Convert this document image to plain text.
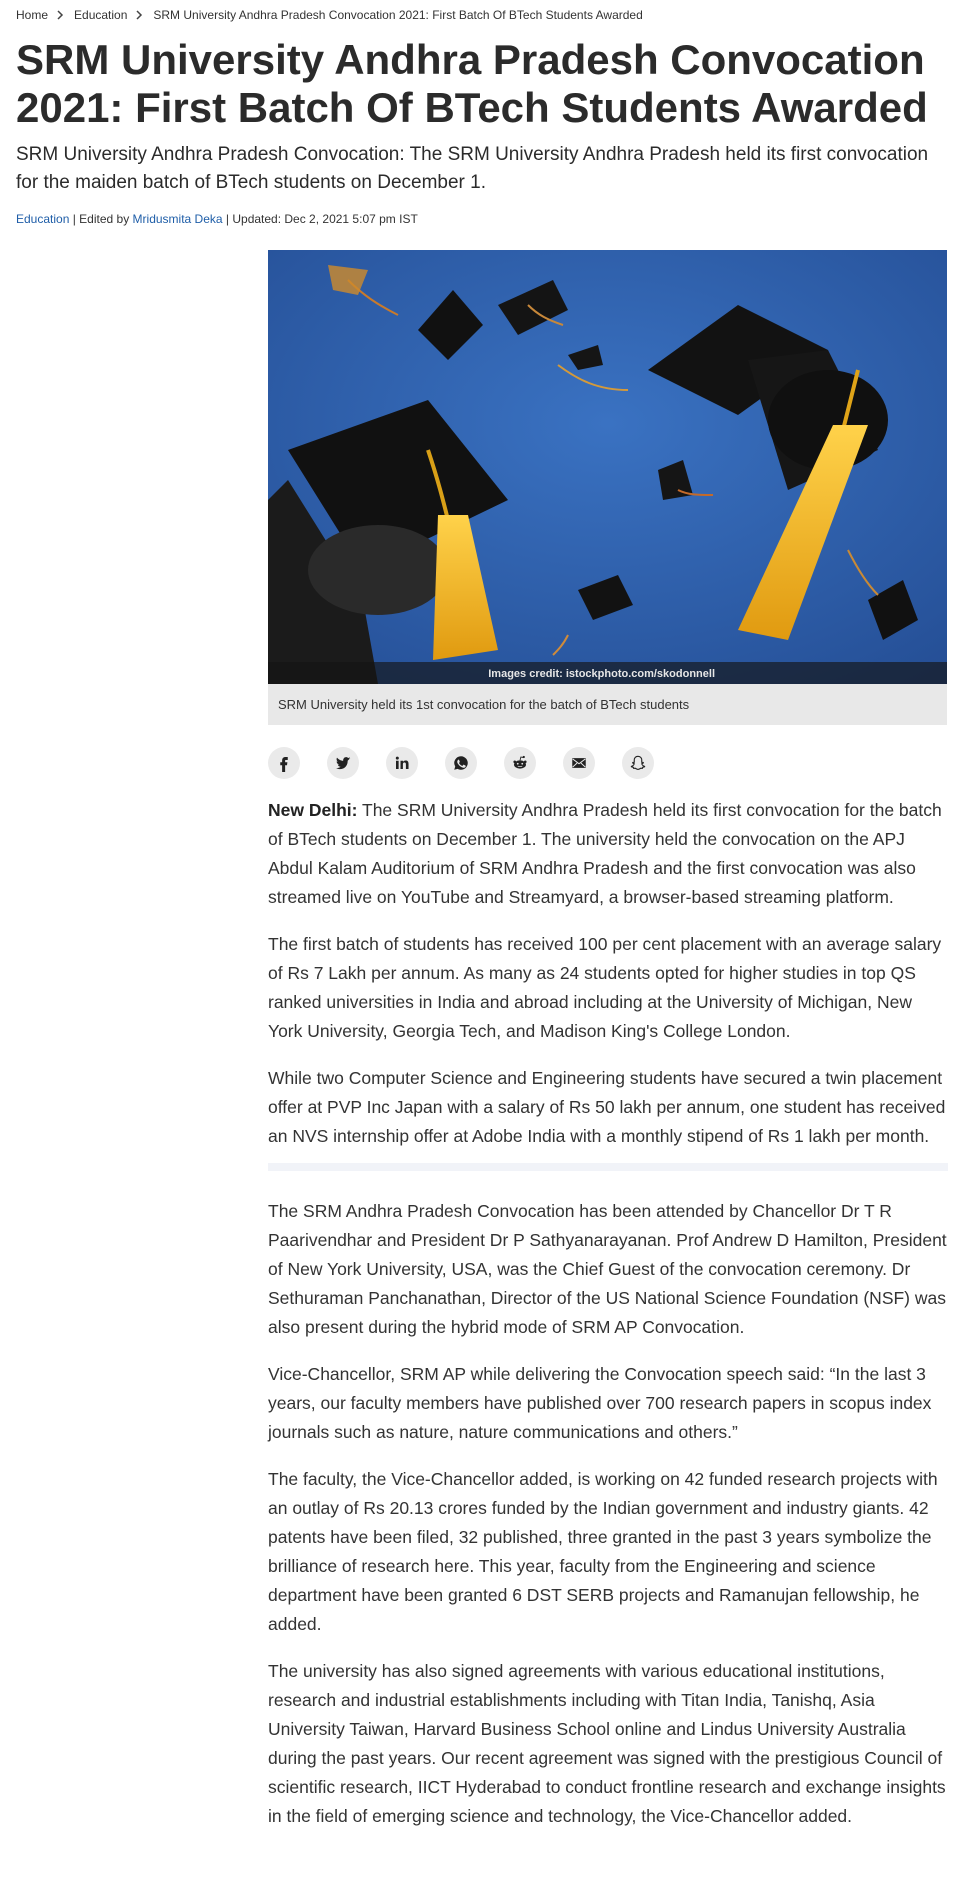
Home Education SRM University Andhra Pradesh Convocation 2021: First Batch Of BTech Students Awarded
SRM University Andhra Pradesh Convocation 2021: First Batch Of BTech Students Awarded

SRM University Andhra Pradesh Convocation: The SRM University Andhra Pradesh held its first convocation for the maiden batch of BTech students on December 1.

Education | Edited by Mridusmita Deka | Updated: Dec 2, 2021 5:07 pm IST
Images credit: istockphoto.com/skodonnell
SRM University held its 1st convocation for the batch of BTech students

New Delhi: The SRM University Andhra Pradesh held its first convocation for the batch of BTech students on December 1. The university held the convocation on the APJ Abdul Kalam Auditorium of SRM Andhra Pradesh and the first convocation was also streamed live on YouTube and Streamyard, a browser-based streaming platform.

The first batch of students has received 100 per cent placement with an average salary of Rs 7 Lakh per annum. As many as 24 students opted for higher studies in top QS ranked universities in India and abroad including at the University of Michigan, New York University, Georgia Tech, and Madison King's College London.

While two Computer Science and Engineering students have secured a twin placement offer at PVP Inc Japan with a salary of Rs 50 lakh per annum, one student has received an NVS internship offer at Adobe India with a monthly stipend of Rs 1 lakh per month.

The SRM Andhra Pradesh Convocation has been attended by Chancellor Dr T R Paarivendhar and President Dr P Sathyanarayanan. Prof Andrew D Hamilton, President of New York University, USA, was the Chief Guest of the convocation ceremony. Dr Sethuraman Panchanathan, Director of the US National Science Foundation (NSF) was also present during the hybrid mode of SRM AP Convocation.

Vice-Chancellor, SRM AP while delivering the Convocation speech said: “In the last 3 years, our faculty members have published over 700 research papers in scopus index journals such as nature, nature communications and others.”

The faculty, the Vice-Chancellor added, is working on 42 funded research projects with an outlay of Rs 20.13 crores funded by the Indian government and industry giants. 42 patents have been filed, 32 published, three granted in the past 3 years symbolize the brilliance of research here. This year, faculty from the Engineering and science department have been granted 6 DST SERB projects and Ramanujan fellowship, he added.

The university has also signed agreements with various educational institutions, research and industrial establishments including with Titan India, Tanishq, Asia University Taiwan, Harvard Business School online and Lindus University Australia during the past years. Our recent agreement was signed with the prestigious Council of scientific research, IICT Hyderabad to conduct frontline research and exchange insights in the field of emerging science and technology, the Vice-Chancellor added.
